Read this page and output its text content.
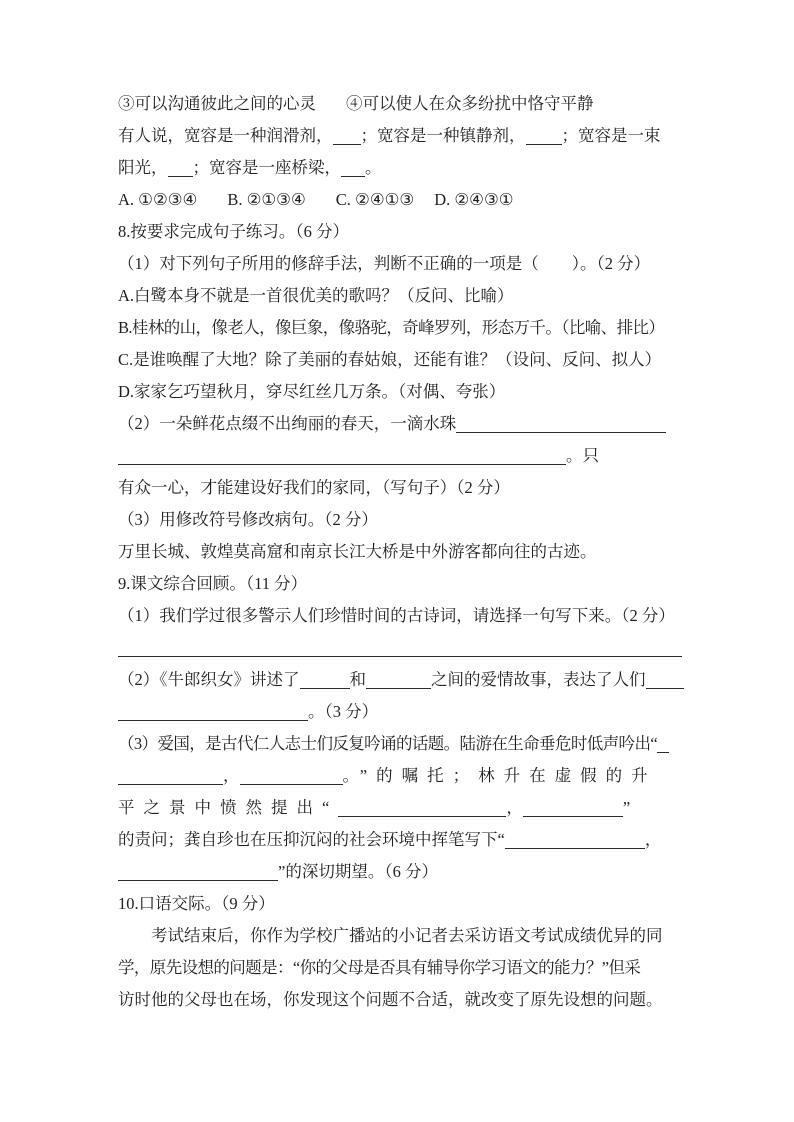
③可以沟通彼此之间的心灵 ④可以使人在众多纷扰中恪守平静
有人说，宽容是一种润滑剂， ；宽容是一种镇静剂， ；宽容是一束
阳光， ；宽容是一座桥梁， 。
A. ①②③④ B. ②①③④ C. ②④①③ D. ②④③①
8.按要求完成句子练习。（6 分）
（1）对下列句子所用的修辞手法，判断不正确的一项是（　　）。（2 分）
A.白鹭本身不就是一首很优美的歌吗？（反问、比喻）
B.桂林的山，像老人，像巨象，像骆驼，奇峰罗列，形态万千。（比喻、排比）
C.是谁唤醒了大地？除了美丽的春姑娘，还能有谁？（设问、反问、拟人）
D.家家乞巧望秋月，穿尽红丝几万条。（对偶、夸张）
（2）一朵鲜花点缀不出绚丽的春天，一滴水珠
。只
有众一心，才能建设好我们的家同，（写句子）（2 分）
（3）用修改符号修改病句。（2 分）
万里长城、敦煌莫高窟和南京长江大桥是中外游客都向往的古迹。
9.课文综合回顾。（11 分）
（1）我们学过很多警示人们珍惜时间的古诗词，请选择一句写下来。（2 分）
（2）《牛郎织女》讲述了	和	之间的爱情故事，表达了人们
。（3 分）
（3）爱国，是古代仁人志士们反复吟诵的话题。陆游在生命垂危时低声吟出“
，	。”的嘱托；林升在虚假的升
平之景中愤然提出“	，	”
的责问；龚自珍也在压抑沉闷的社会环境中挥笔写下“	，
”的深切期望。（6 分）
10.口语交际。（9 分）
考试结束后，你作为学校广播站的小记者去采访语文考试成绩优异的同
学，原先设想的问题是：“你的父母是否具有辅导你学习语文的能力？”但采
访时他的父母也在场，你发现这个问题不合适，就改变了原先设想的问题。
